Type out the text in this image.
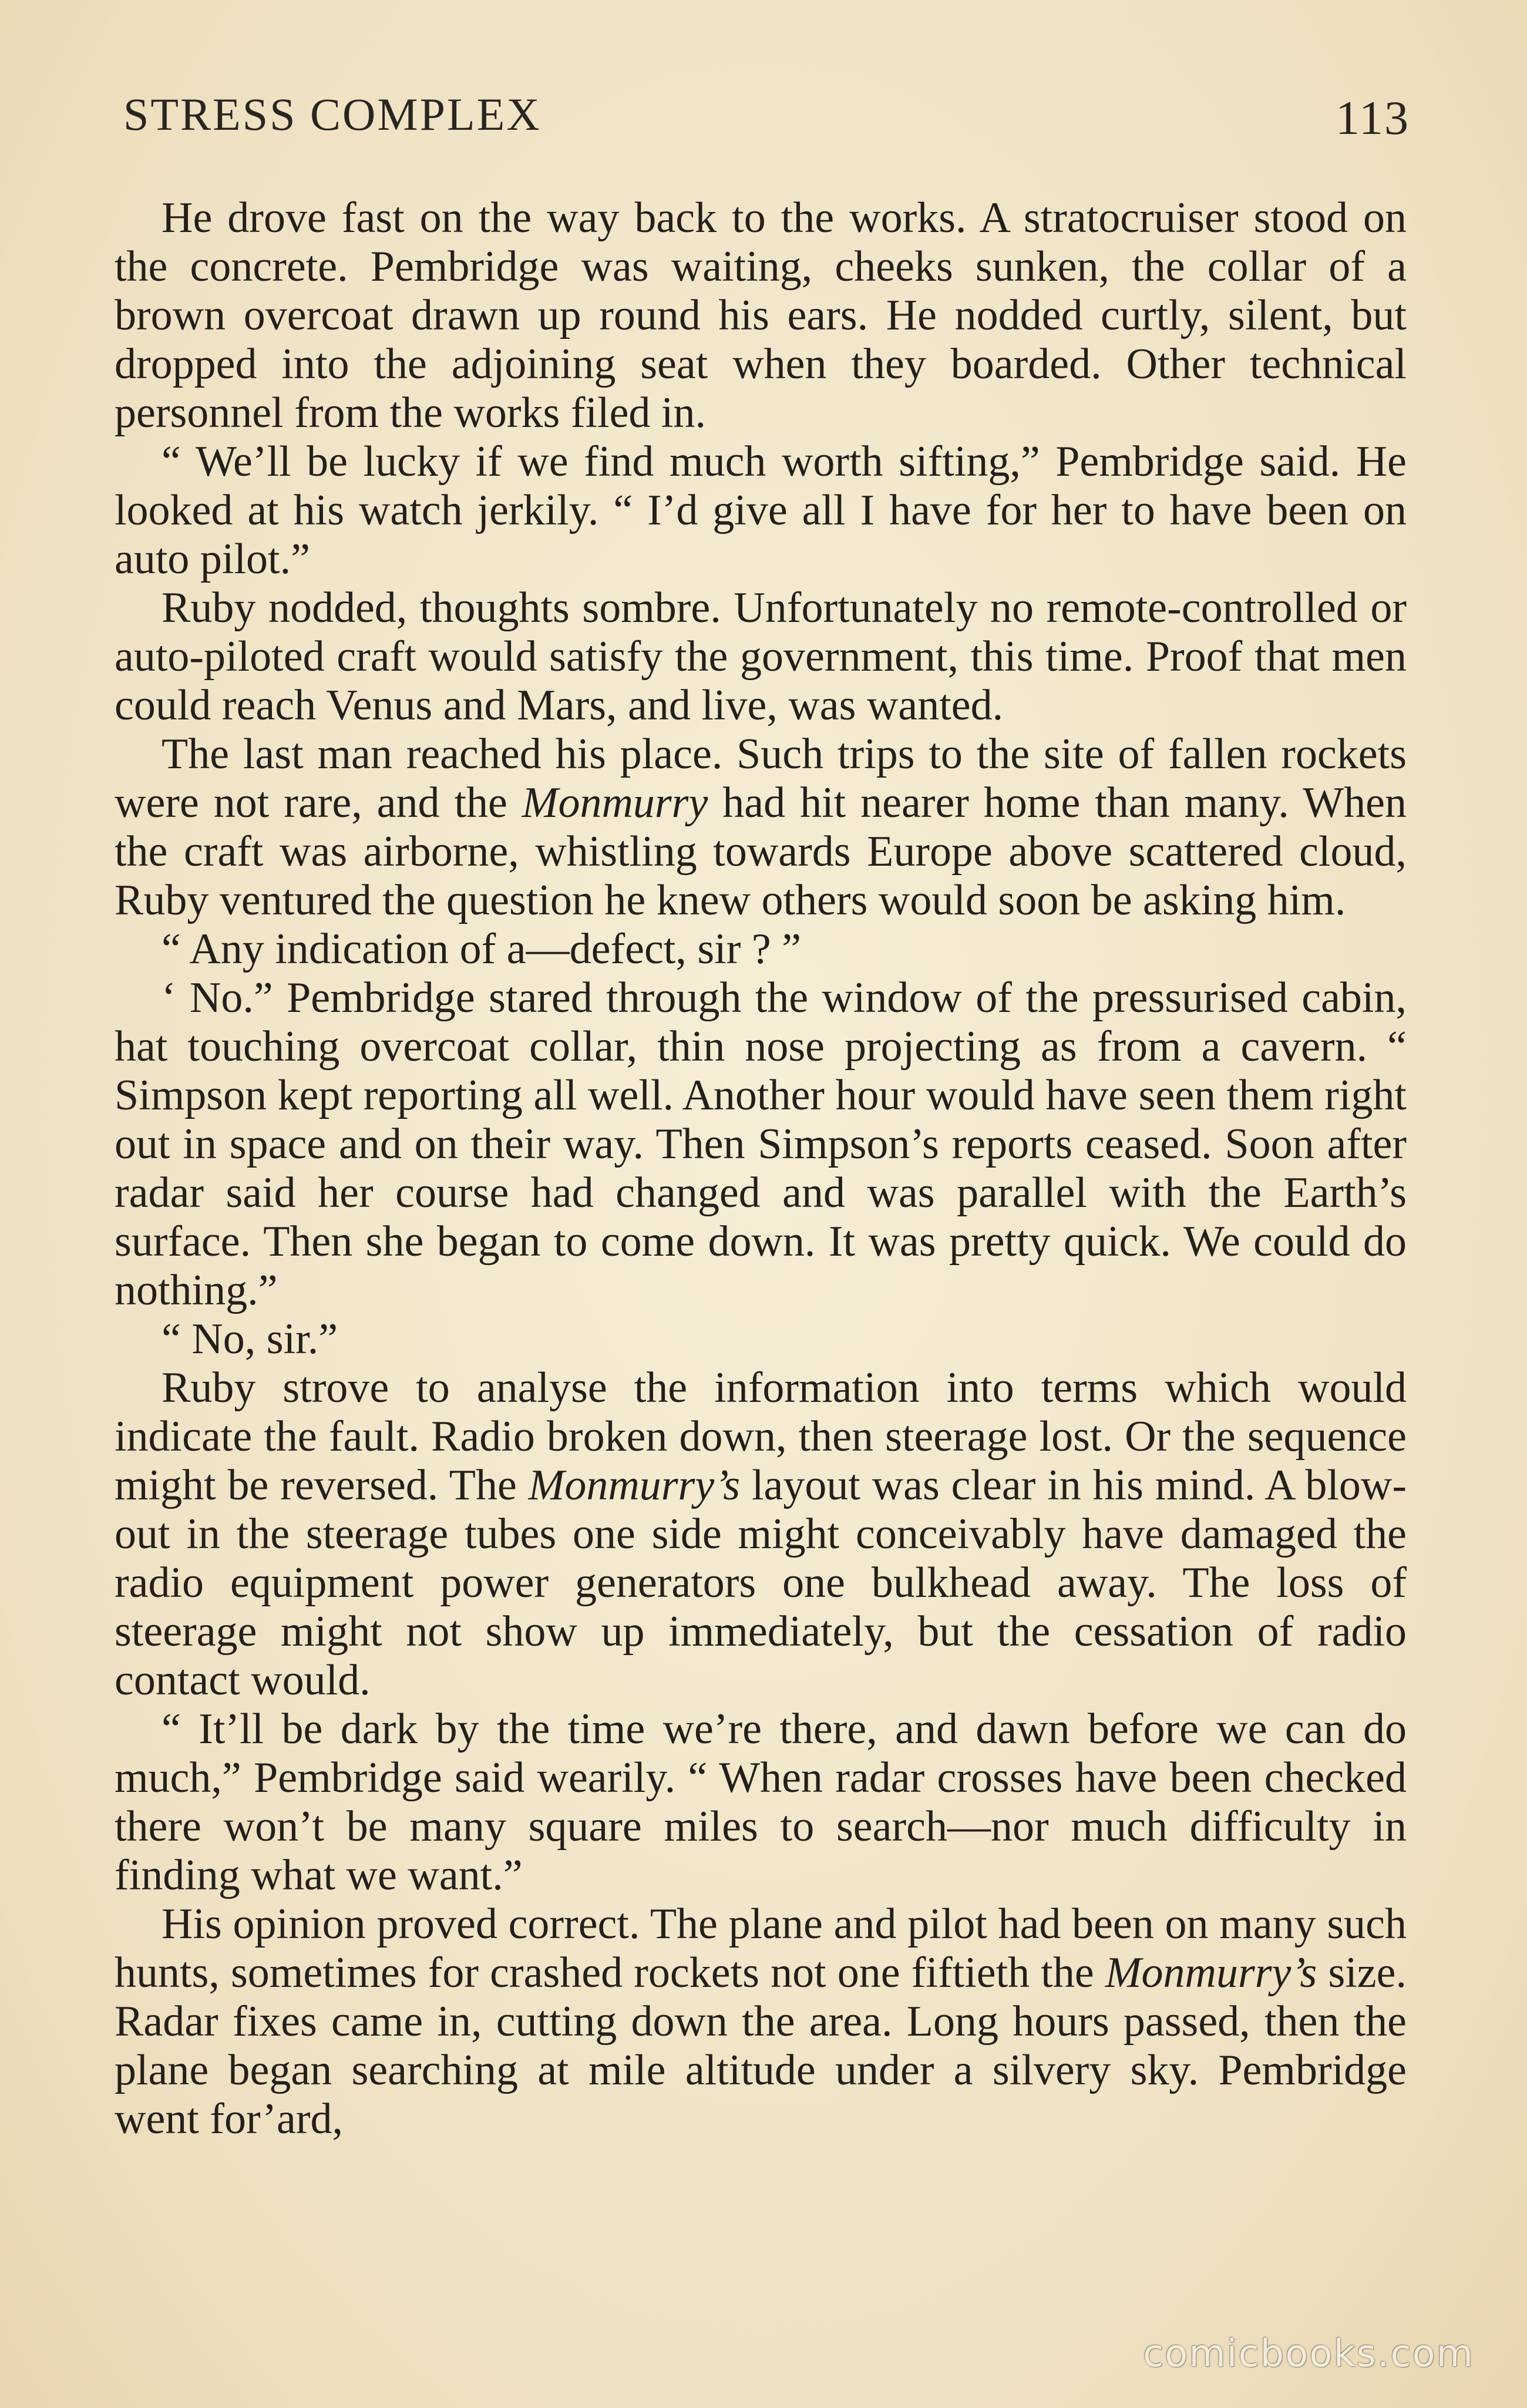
STRESS COMPLEX	113

He drove fast on the way back to the works. A stratocruiser stood on the concrete. Pembridge was waiting, cheeks sunken, the collar of a brown overcoat drawn up round his ears. He nodded curtly, silent, but dropped into the adjoining seat when they boarded. Other technical personnel from the works filed in.

“ We’ll be lucky if we find much worth sifting,” Pembridge said. He looked at his watch jerkily. “ I’d give all I have for her to have been on auto pilot.”

Ruby nodded, thoughts sombre. Unfortunately no remote-controlled or auto-piloted craft would satisfy the government, this time. Proof that men could reach Venus and Mars, and live, was wanted.

The last man reached his place. Such trips to the site of fallen rockets were not rare, and the Monmurry had hit nearer home than many. When the craft was airborne, whistling towards Europe above scattered cloud, Ruby ventured the question he knew others would soon be asking him.

“ Any indication of a—defect, sir ? ”

‘ No.” Pembridge stared through the window of the pressurised cabin, hat touching overcoat collar, thin nose projecting as from a cavern. “ Simpson kept reporting all well. Another hour would have seen them right out in space and on their way. Then Simpson’s reports ceased. Soon after radar said her course had changed and was parallel with the Earth’s surface. Then she began to come down. It was pretty quick. We could do nothing.”

“ No, sir.”

Ruby strove to analyse the information into terms which would indicate the fault. Radio broken down, then steerage lost. Or the sequence might be reversed. The Monmurry’s layout was clear in his mind. A blow-out in the steerage tubes one side might conceivably have damaged the radio equipment power generators one bulkhead away. The loss of steerage might not show up immediately, but the cessation of radio contact would.

“ It’ll be dark by the time we’re there, and dawn before we can do much,” Pembridge said wearily. “ When radar crosses have been checked there won’t be many square miles to search—nor much difficulty in finding what we want.”

His opinion proved correct. The plane and pilot had been on many such hunts, sometimes for crashed rockets not one fiftieth the Monmurry’s size. Radar fixes came in, cutting down the area. Long hours passed, then the plane began searching at mile altitude under a silvery sky. Pembridge went for’ard,

comicbooks.com
